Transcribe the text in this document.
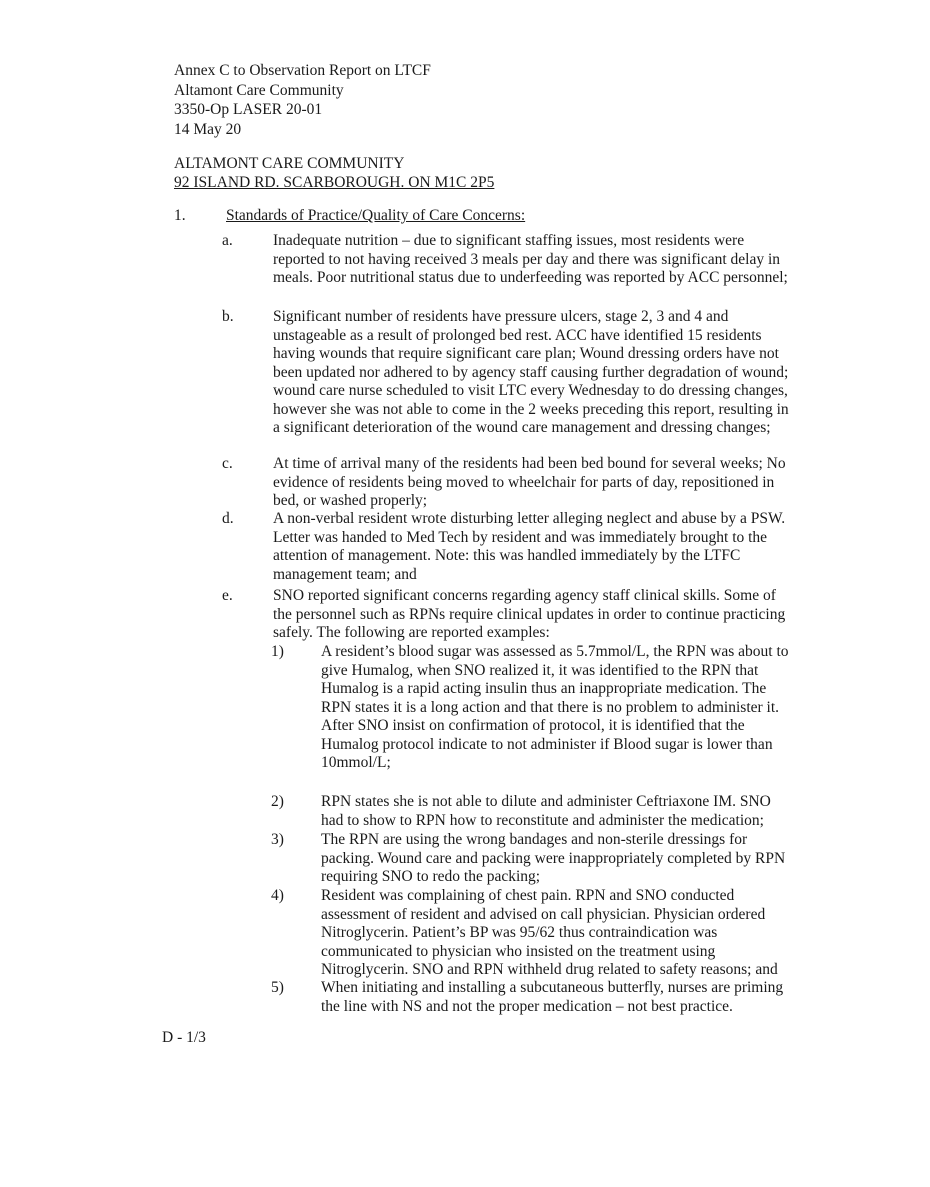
Annex C to Observation Report on LTCF
Altamont Care Community
3350-Op LASER 20-01
14 May 20
ALTAMONT CARE COMMUNITY
92 ISLAND RD. SCARBOROUGH. ON M1C 2P5
1.	Standards of Practice/Quality of Care Concerns:
a.	Inadequate nutrition – due to significant staffing issues, most residents were reported to not having received 3 meals per day and there was significant delay in meals. Poor nutritional status due to underfeeding was reported by ACC personnel;
b.	Significant number of residents have pressure ulcers, stage 2, 3 and 4 and unstageable as a result of prolonged bed rest. ACC have identified 15 residents having wounds that require significant care plan; Wound dressing orders have not been updated nor adhered to by agency staff causing further degradation of wound; wound care nurse scheduled to visit LTC every Wednesday to do dressing changes, however she was not able to come in the 2 weeks preceding this report, resulting in a significant deterioration of the wound care management and dressing changes;
c.	At time of arrival many of the residents had been bed bound for several weeks; No evidence of residents being moved to wheelchair for parts of day, repositioned in bed, or washed properly;
d.	A non-verbal resident wrote disturbing letter alleging neglect and abuse by a PSW. Letter was handed to Med Tech by resident and was immediately brought to the attention of management. Note: this was handled immediately by the LTFC management team; and
e.	SNO reported significant concerns regarding agency staff clinical skills. Some of the personnel such as RPNs require clinical updates in order to continue practicing safely. The following are reported examples:
1) A resident’s blood sugar was assessed as 5.7mmol/L, the RPN was about to give Humalog, when SNO realized it, it was identified to the RPN that Humalog is a rapid acting insulin thus an inappropriate medication. The RPN states it is a long action and that there is no problem to administer it. After SNO insist on confirmation of protocol, it is identified that the Humalog protocol indicate to not administer if Blood sugar is lower than 10mmol/L;
2) RPN states she is not able to dilute and administer Ceftriaxone IM. SNO had to show to RPN how to reconstitute and administer the medication;
3) The RPN are using the wrong bandages and non-sterile dressings for packing. Wound care and packing were inappropriately completed by RPN requiring SNO to redo the packing;
4) Resident was complaining of chest pain. RPN and SNO conducted assessment of resident and advised on call physician. Physician ordered Nitroglycerin. Patient’s BP was 95/62 thus contraindication was communicated to physician who insisted on the treatment using Nitroglycerin. SNO and RPN withheld drug related to safety reasons; and
5) When initiating and installing a subcutaneous butterfly, nurses are priming the line with NS and not the proper medication – not best practice.
D - 1/3
